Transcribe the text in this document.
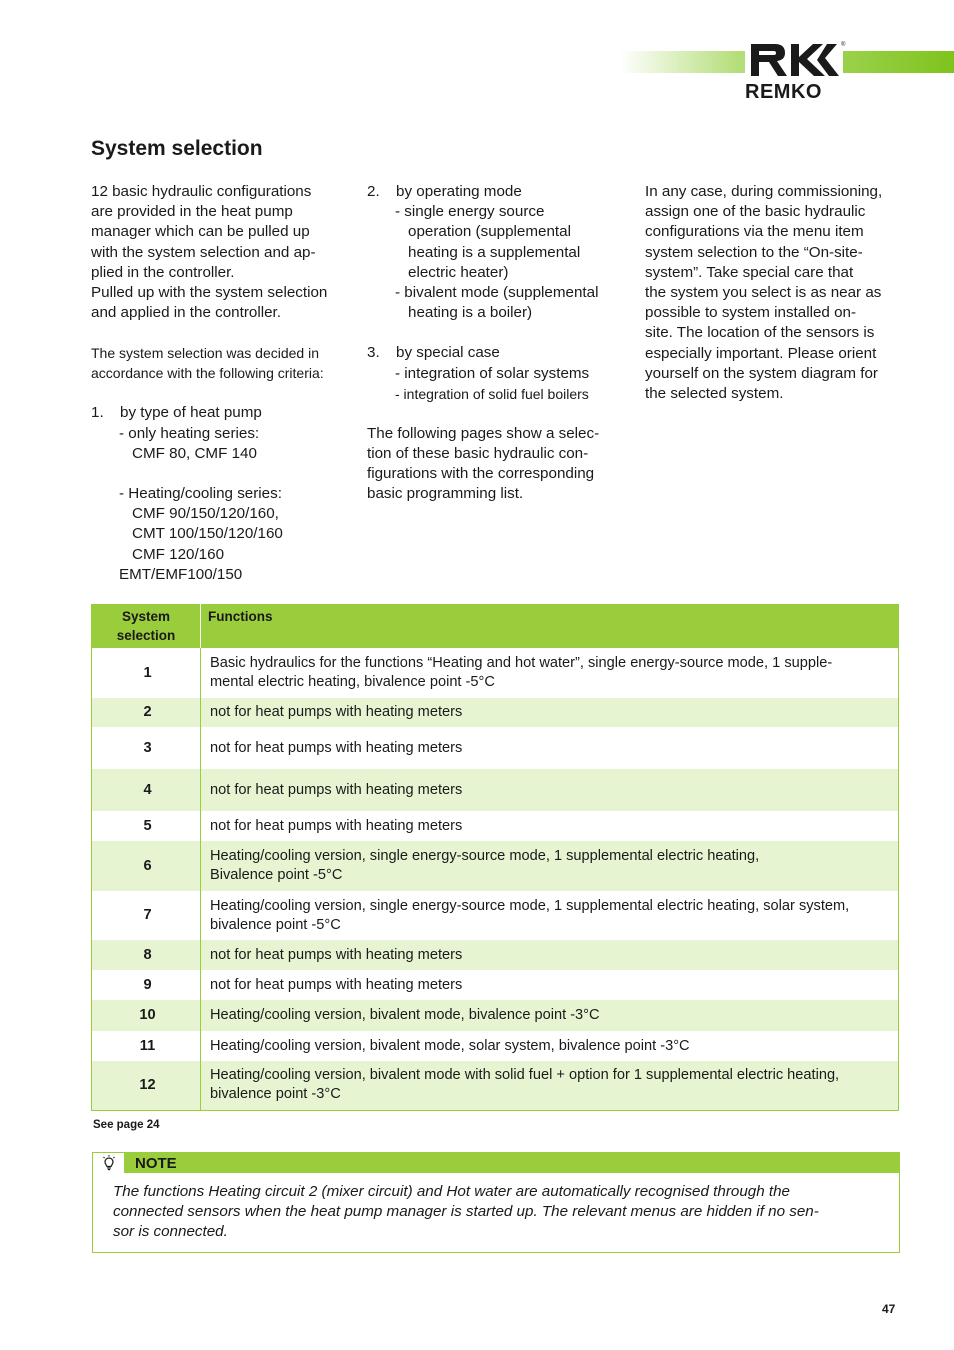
®
REMKO
System selection

12 basic hydraulic configurations

are provided in the heat pump

manager which can be pulled up

with the system selection and ap-

plied in the controller.

Pulled up with the system selection

and applied in the controller.

The system selection was decided in

accordance with the following criteria:

1.	by type of heat pump

- only heating series:

CMF 80, CMF 140

- Heating/cooling series:

CMF 90/150/120/160,

CMT 100/150/120/160

CMF 120/160

EMT/EMF100/150

2.	by operating mode

- single energy source

operation (supplemental

heating is a supplemental

electric heater)

- bivalent mode (supplemental

heating is a boiler)

3.	by special case

- integration of solar systems

- integration of solid fuel boilers

The following pages show a selec-

tion of these basic hydraulic con-

figurations with the corresponding

basic programming list.

In any case, during commissioning,

assign one of the basic hydraulic

configurations via the menu item

system selection to the “On-site-

system”. Take special care that

the system you select is as near as

possible to system installed on-

site. The location of the sensors is

especially important. Please orient

yourself on the system diagram for

the selected system.

System selection	Functions
1	Basic hydraulics for the functions “Heating and hot water”, single energy-source mode, 1 supple-
mental electric heating, bivalence point -5°C

2	not for heat pumps with heating meters
3	not for heat pumps with heating meters
4	not for heat pumps with heating meters
5	not for heat pumps with heating meters
6	Heating/cooling version, single energy-source mode, 1 supplemental electric heating,
Bivalence point -5°C

7	Heating/cooling version, single energy-source mode, 1 supplemental electric heating, solar system,
bivalence point -5°C

8	not for heat pumps with heating meters
9	not for heat pumps with heating meters
10	Heating/cooling version, bivalent mode, bivalence point -3°C
11	Heating/cooling version, bivalent mode, solar system, bivalence point -3°C
12	Heating/cooling version, bivalent mode with solid fuel + option for 1 supplemental electric heating,
bivalence point -3°C
See page 24
NOTE
The functions Heating circuit 2 (mixer circuit) and Hot water are automatically recognised through the
connected sensors when the heat pump manager is started up. The relevant menus are hidden if no sen-
sor is connected.
47
